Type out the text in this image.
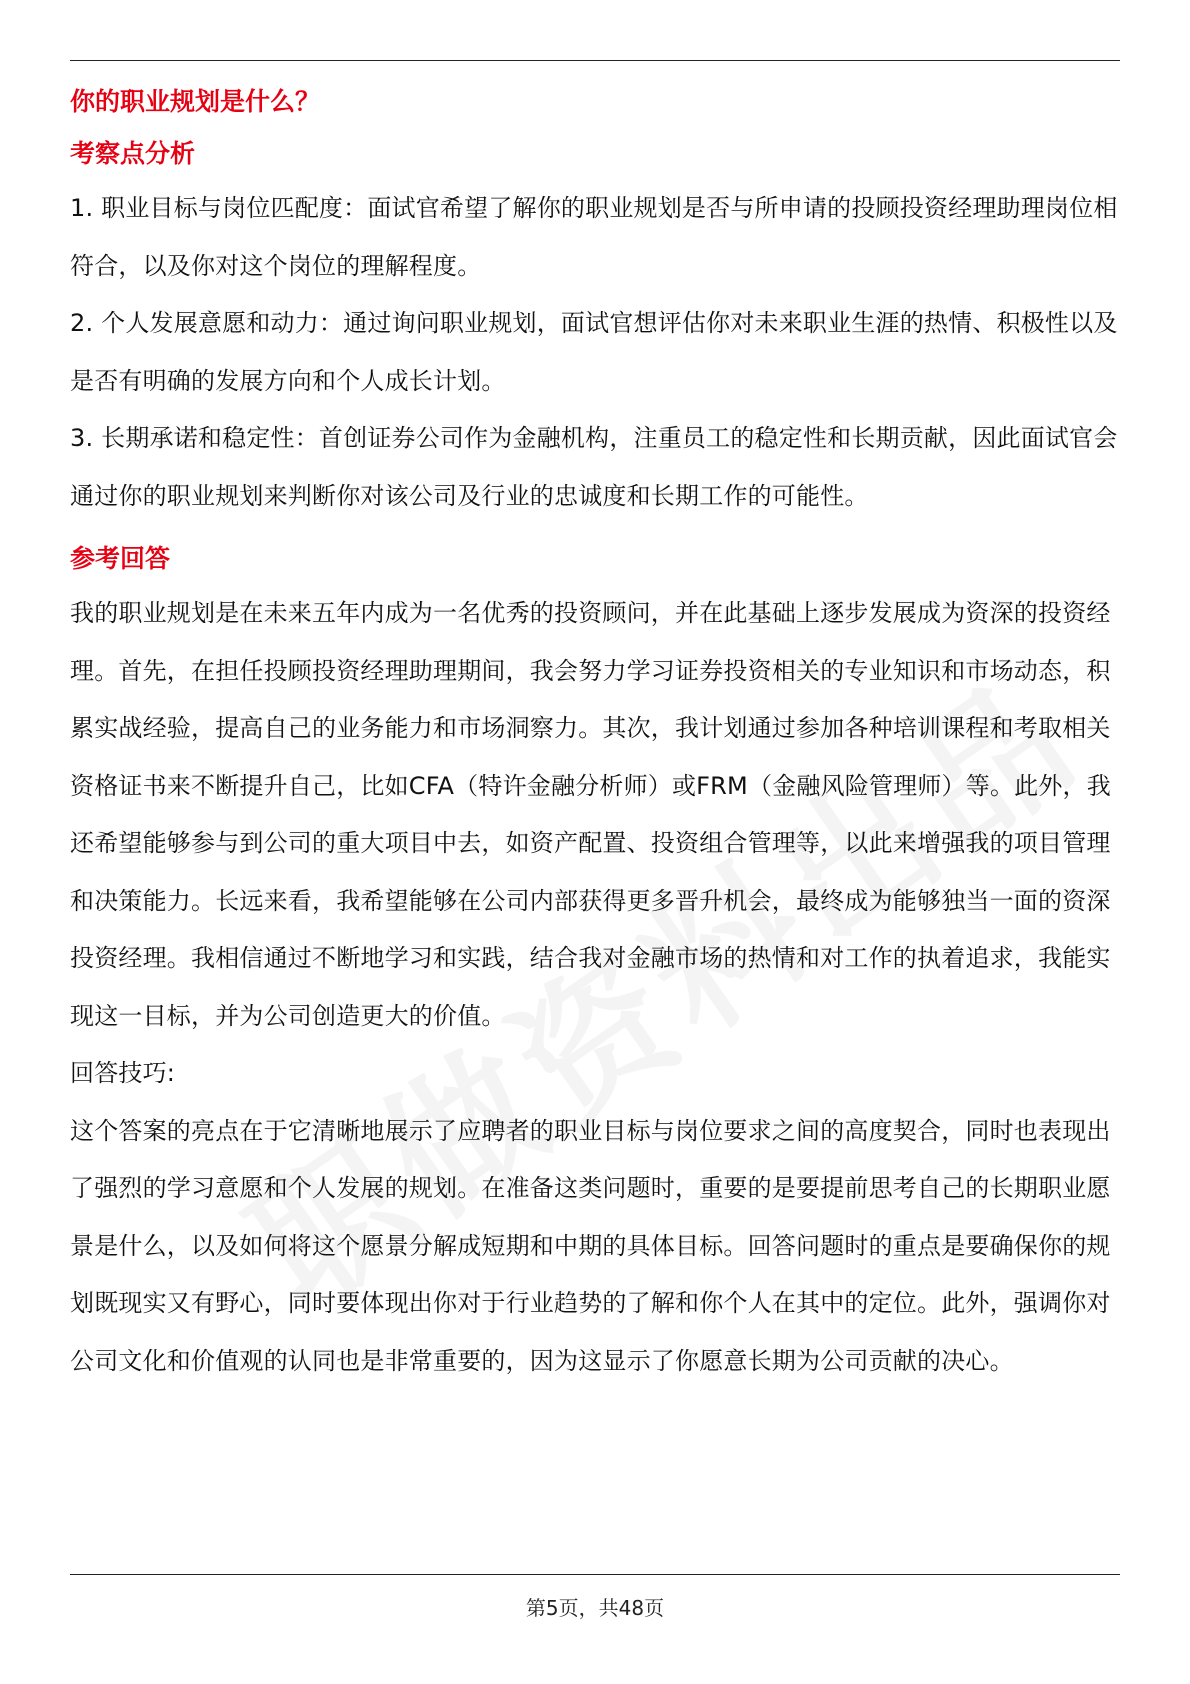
你的职业规划是什么？
考察点分析

1. 职业目标与岗位匹配度：面试官希望了解你的职业规划是否与所申请的投顾投资经理助理岗位相符合，以及你对这个岗位的理解程度。

2. 个人发展意愿和动力：通过询问职业规划，面试官想评估你对未来职业生涯的热情、积极性以及是否有明确的发展方向和个人成长计划。

3. 长期承诺和稳定性：首创证券公司作为金融机构，注重员工的稳定性和长期贡献，因此面试官会通过你的职业规划来判断你对该公司及行业的忠诚度和长期工作的可能性。

参考回答

我的职业规划是在未来五年内成为一名优秀的投资顾问，并在此基础上逐步发展成为资深的投资经理。首先，在担任投顾投资经理助理期间，我会努力学习证券投资相关的专业知识和市场动态，积累实战经验，提高自己的业务能力和市场洞察力。其次，我计划通过参加各种培训课程和考取相关资格证书来不断提升自己，比如CFA（特许金融分析师）或FRM（金融风险管理师）等。此外，我还希望能够参与到公司的重大项目中去，如资产配置、投资组合管理等，以此来增强我的项目管理和决策能力。长远来看，我希望能够在公司内部获得更多晋升机会，最终成为能够独当一面的资深投资经理。我相信通过不断地学习和实践，结合我对金融市场的热情和对工作的执着追求，我能实现这一目标，并为公司创造更大的价值。

回答技巧:

这个答案的亮点在于它清晰地展示了应聘者的职业目标与岗位要求之间的高度契合，同时也表现出了强烈的学习意愿和个人发展的规划。在准备这类问题时，重要的是要提前思考自己的长期职业愿景是什么，以及如何将这个愿景分解成短期和中期的具体目标。回答问题时的重点是要确保你的规划既现实又有野心，同时要体现出你对于行业趋势的了解和你个人在其中的定位。此外，强调你对公司文化和价值观的认同也是非常重要的，因为这显示了你愿意长期为公司贡献的决心。

第5页，共48页
